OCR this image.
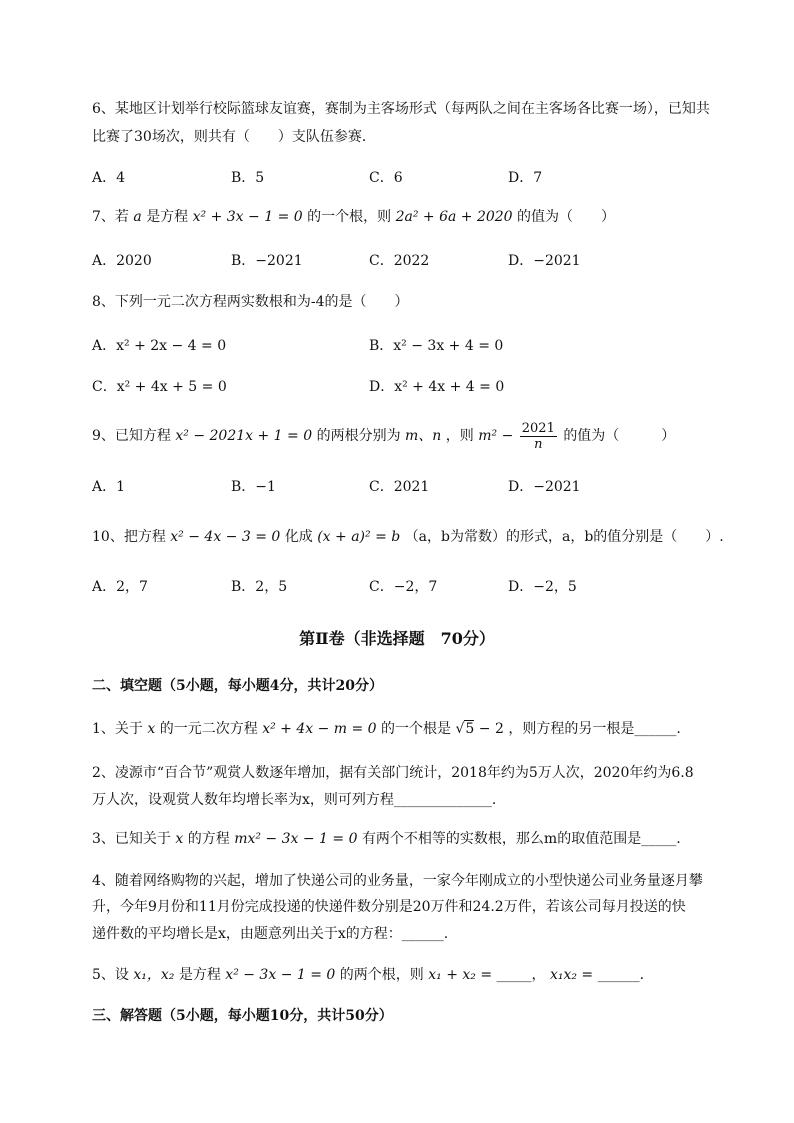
6、某地区计划举行校际篮球友谊赛，赛制为主客场形式（每两队之间在主客场各比赛一场），已知共
比赛了30场次，则共有（　　）支队伍参赛．
A．4	B．5	C．6	D．7
7、若 a 是方程 x² + 3x − 1 = 0 的一个根，则 2a² + 6a + 2020 的值为（　　）
A．2020	B．−2021	C．2022	D．−2021
8、下列一元二次方程两实数根和为-4的是（　　）
A．x² + 2x − 4 = 0	B．x² − 3x + 4 = 0
C．x² + 4x + 5 = 0	D．x² + 4x + 4 = 0
9、已知方程 x² − 2021x + 1 = 0 的两根分别为 m、n ，则 $m^2 - \frac{2021}{n}$ 的值为（　　　）
A．1	B．−1	C．2021	D．−2021
10、把方程 x² − 4x − 3 = 0 化成 (x + a)² = b （a，b为常数）的形式，a，b的值分别是（　　）.
A．2，7	B．2，5	C．−2，7	D．−2，5
第Ⅱ卷（非选择题　70分）
二、填空题（5小题，每小题4分，共计20分）
1、关于 x 的一元二次方程 x² + 4x − m = 0 的一个根是 √5 − 2 ，则方程的另一根是______.
2、凌源市“百合节”观赏人数逐年增加，据有关部门统计，2018年约为5万人次，2020年约为6.8
万人次，设观赏人数年均增长率为x，则可列方程______________.
3、已知关于 x 的方程 mx² − 3x − 1 = 0 有两个不相等的实数根，那么m的取值范围是_____.
4、随着网络购物的兴起，增加了快递公司的业务量，一家今年刚成立的小型快递公司业务量逐月攀
升，今年9月份和11月份完成投递的快递件数分别是20万件和24.2万件，若该公司每月投送的快
递件数的平均增长是x，由题意列出关于x的方程：______.
5、设 x₁，x₂ 是方程 x² − 3x − 1 = 0 的两个根，则 x₁ + x₂ = _____， x₁x₂ = ______.
三、解答题（5小题，每小题10分，共计50分）
